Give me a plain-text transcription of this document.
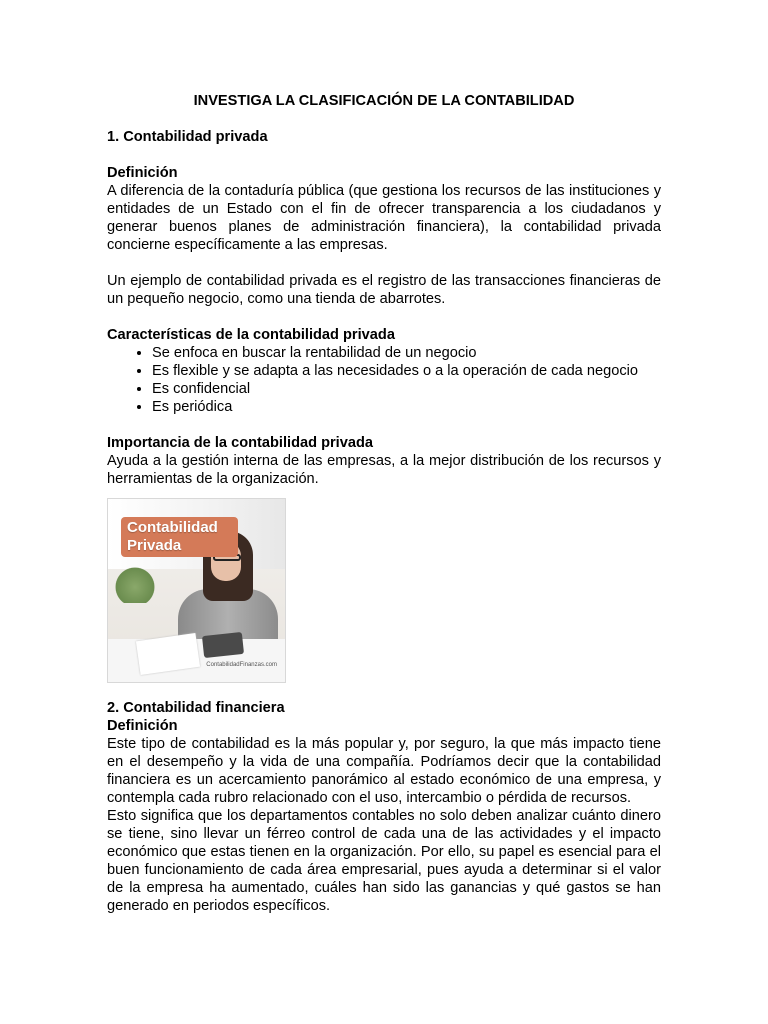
INVESTIGA LA CLASIFICACIÓN DE LA CONTABILIDAD
1. Contabilidad privada
Definición

A diferencia de la contaduría pública (que gestiona los recursos de las instituciones y entidades de un Estado con el fin de ofrecer transparencia a los ciudadanos y generar buenos planes de administración financiera), la contabilidad privada concierne específicamente a las empresas.

Un ejemplo de contabilidad privada es el registro de las transacciones financieras de un pequeño negocio, como una tienda de abarrotes.

Características de la contabilidad privada
• Se enfoca en buscar la rentabilidad de un negocio
• Es flexible y se adapta a las necesidades o a la operación de cada negocio
• Es confidencial
• Es periódica
Importancia de la contabilidad privada

Ayuda a la gestión interna de las empresas, a la mejor distribución de los recursos y herramientas de la organización.

Contabilidad
Privada
ContabilidadFinanzas.com
2. Contabilidad financiera
Definición

Este tipo de contabilidad es la más popular y, por seguro, la que más impacto tiene en el desempeño y la vida de una compañía. Podríamos decir que la contabilidad financiera es un acercamiento panorámico al estado económico de una empresa, y contempla cada rubro relacionado con el uso, intercambio o pérdida de recursos.

Esto significa que los departamentos contables no solo deben analizar cuánto dinero se tiene, sino llevar un férreo control de cada una de las actividades y el impacto económico que estas tienen en la organización. Por ello, su papel es esencial para el buen funcionamiento de cada área empresarial, pues ayuda a determinar si el valor de la empresa ha aumentado, cuáles han sido las ganancias y qué gastos se han generado en periodos específicos.
